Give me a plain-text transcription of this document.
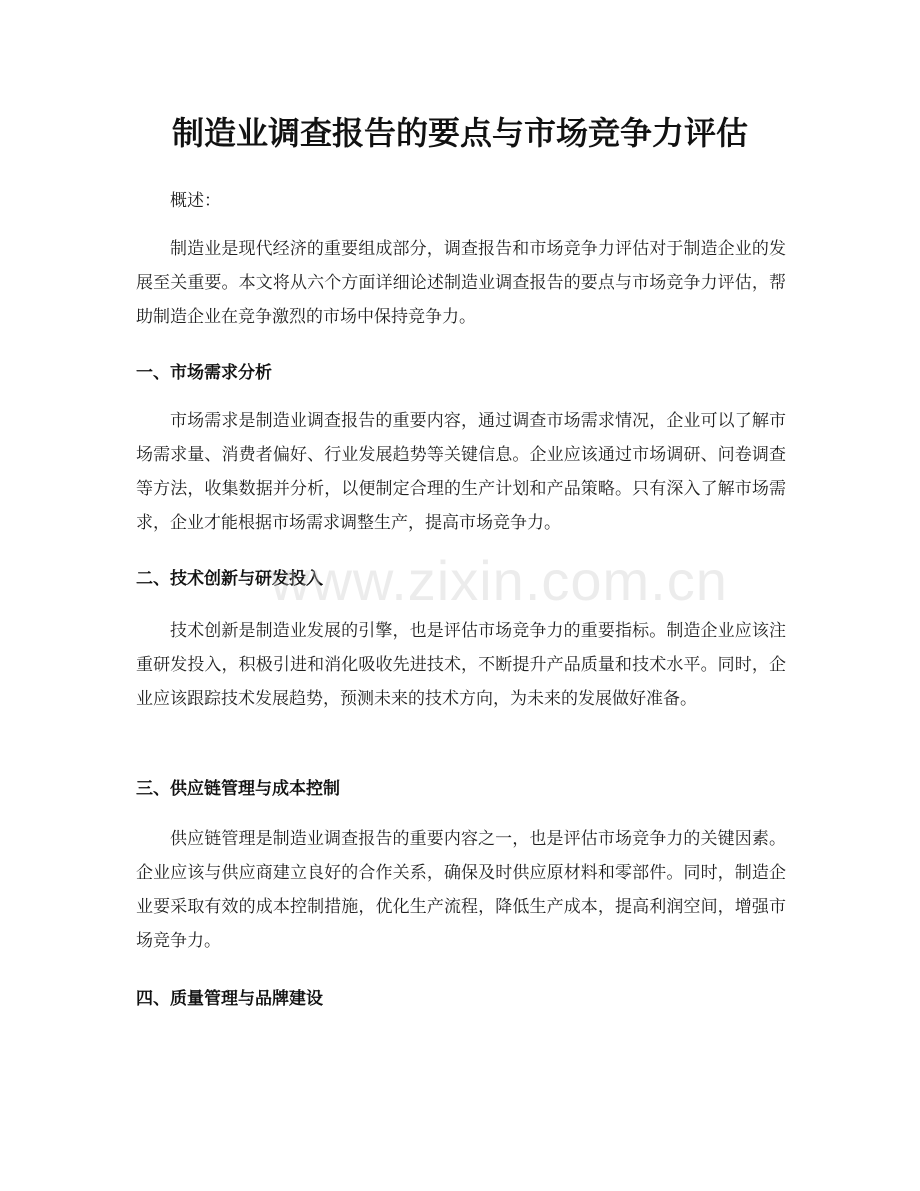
制造业调查报告的要点与市场竞争力评估

概述：

制造业是现代经济的重要组成部分，调查报告和市场竞争力评估对于制造企业的发展至关重要。本文将从六个方面详细论述制造业调查报告的要点与市场竞争力评估，帮助制造企业在竞争激烈的市场中保持竞争力。

一、市场需求分析

市场需求是制造业调查报告的重要内容，通过调查市场需求情况，企业可以了解市场需求量、消费者偏好、行业发展趋势等关键信息。企业应该通过市场调研、问卷调查等方法，收集数据并分析，以便制定合理的生产计划和产品策略。只有深入了解市场需求，企业才能根据市场需求调整生产，提高市场竞争力。

二、技术创新与研发投入

技术创新是制造业发展的引擎，也是评估市场竞争力的重要指标。制造企业应该注重研发投入，积极引进和消化吸收先进技术，不断提升产品质量和技术水平。同时，企业应该跟踪技术发展趋势，预测未来的技术方向，为未来的发展做好准备。

三、供应链管理与成本控制

供应链管理是制造业调查报告的重要内容之一，也是评估市场竞争力的关键因素。企业应该与供应商建立良好的合作关系，确保及时供应原材料和零部件。同时，制造企业要采取有效的成本控制措施，优化生产流程，降低生产成本，提高利润空间，增强市场竞争力。

四、质量管理与品牌建设
www.zixin.com.cn
